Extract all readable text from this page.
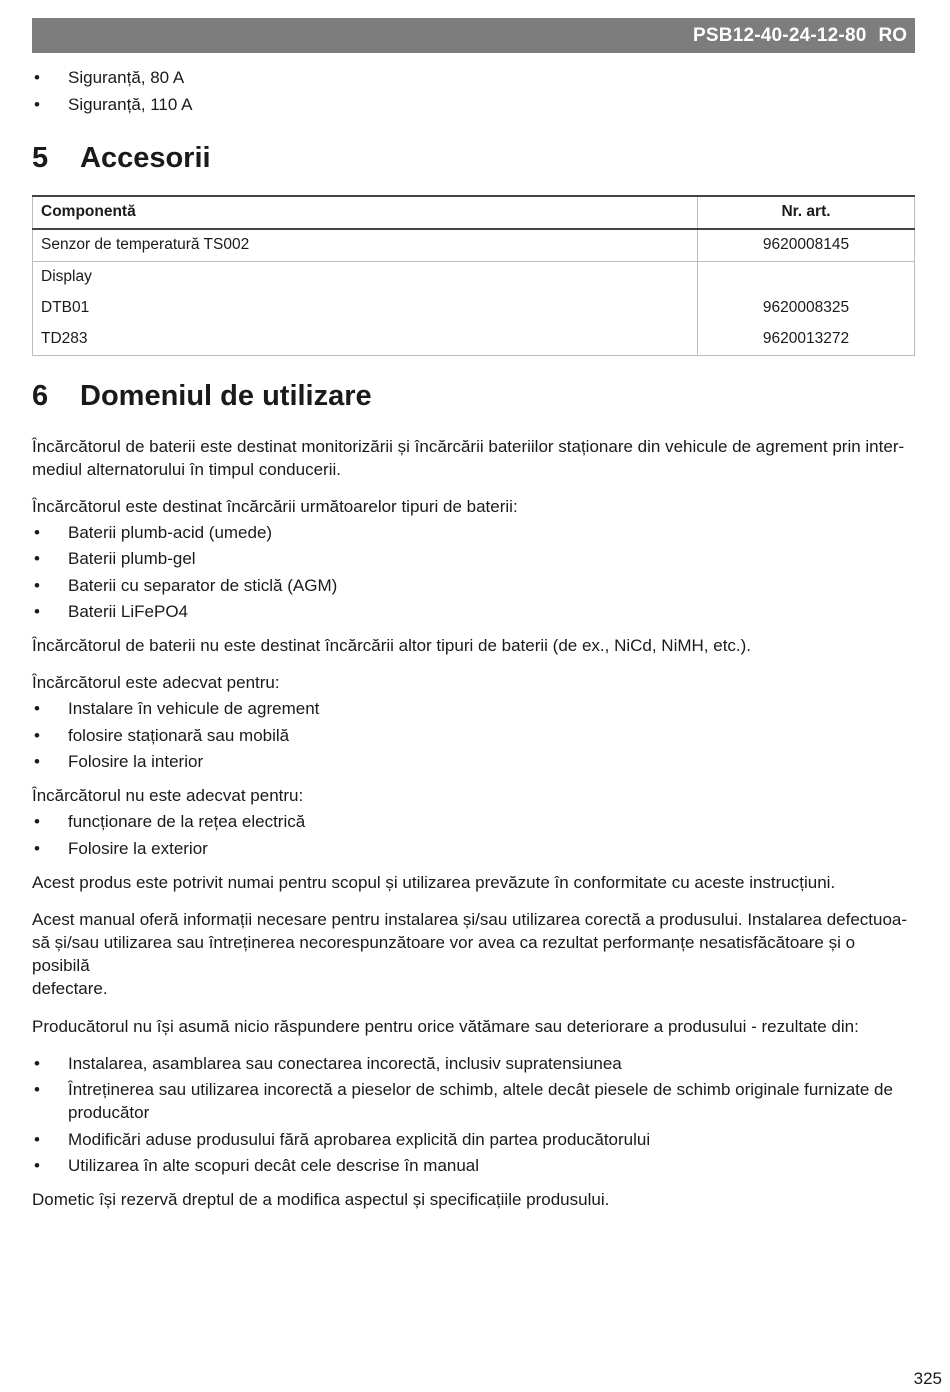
PSB12-40-24-12-80 RO
• Siguranță, 80 A
• Siguranță, 110 A
5	Accesorii
Componentă	Nr. art.
Senzor de temperatură TS002	9620008145
Display	
DTB01	9620008325
TD283	9620013272
6	Domeniul de utilizare

Încărcătorul de baterii este destinat monitorizării și încărcării bateriilor staționare din vehicule de agrement prin inter-
mediul alternatorului în timpul conducerii.

Încărcătorul este destinat încărcării următoarelor tipuri de baterii:

• Baterii plumb-acid (umede)
• Baterii plumb-gel
• Baterii cu separator de sticlă (AGM)
• Baterii LiFePO4

Încărcătorul de baterii nu este destinat încărcării altor tipuri de baterii (de ex., NiCd, NiMH, etc.).

Încărcătorul este adecvat pentru:

• Instalare în vehicule de agrement
• folosire staționară sau mobilă
• Folosire la interior

Încărcătorul nu este adecvat pentru:

• funcționare de la rețea electrică
• Folosire la exterior

Acest produs este potrivit numai pentru scopul și utilizarea prevăzute în conformitate cu aceste instrucțiuni.

Acest manual oferă informații necesare pentru instalarea și/sau utilizarea corectă a produsului. Instalarea defectuoa-
să și/sau utilizarea sau întreținerea necorespunzătoare vor avea ca rezultat performanțe nesatisfăcătoare și o posibilă
defectare.

Producătorul nu își asumă nicio răspundere pentru orice vătămare sau deteriorare a produsului ‑ rezultate din:

• Instalarea, asamblarea sau conectarea incorectă, inclusiv supratensiunea
• Întreținerea sau utilizarea incorectă a pieselor de schimb, altele decât piesele de schimb originale furnizate de producător
• Modificări aduse produsului fără aprobarea explicită din partea producătorului
• Utilizarea în alte scopuri decât cele descrise în manual

Dometic își rezervă dreptul de a modifica aspectul și specificațiile produsului.

325
